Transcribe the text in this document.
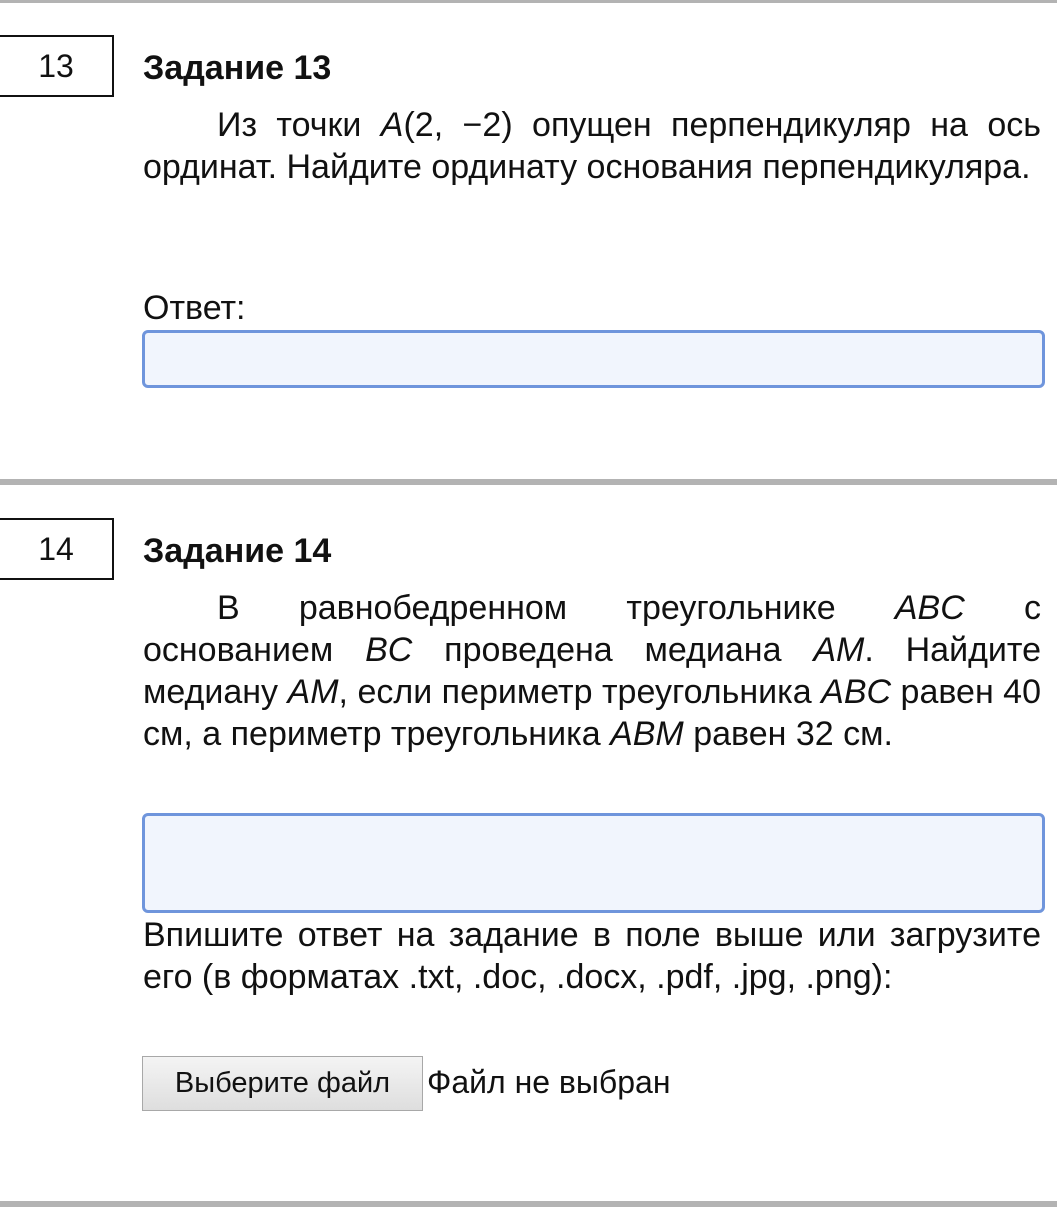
13	Задание 13
Из точки A(2, −2) опущен перпендикуляр на ось ординат. Найдите ординату основания перпендикуляра.
Ответ:
14	Задание 14
В равнобедренном треугольнике ABC с основанием BC проведена медиана AM. Найдите медиану AM, если периметр треугольника ABC равен 40 см, а периметр треугольника ABM равен 32 см.
Впишите ответ на задание в поле выше или загрузите его (в форматах .txt, .doc, .docx, .pdf, .jpg, .png):
Выберите файл	Файл не выбран
